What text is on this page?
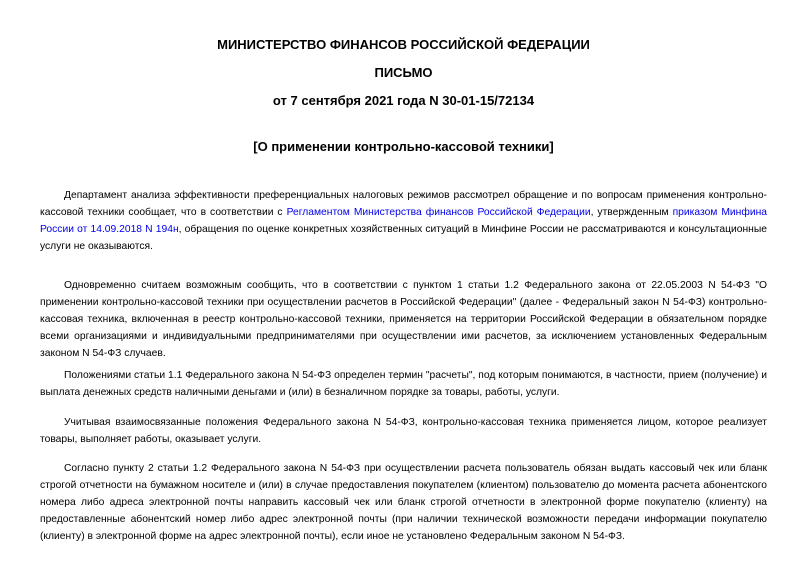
МИНИСТЕРСТВО ФИНАНСОВ РОССИЙСКОЙ ФЕДЕРАЦИИ

ПИСЬМО

от 7 сентября 2021 года N 30-01-15/72134

[О применении контрольно-кассовой техники]

Департамент анализа эффективности преференциальных налоговых режимов рассмотрел обращение и по вопросам применения контрольно-кассовой техники сообщает, что в соответствии с Регламентом Министерства финансов Российской Федерации, утвержденным приказом Минфина России от 14.09.2018 N 194н, обращения по оценке конкретных хозяйственных ситуаций в Минфине России не рассматриваются и консультационные услуги не оказываются.

Одновременно считаем возможным сообщить, что в соответствии с пунктом 1 статьи 1.2 Федерального закона от 22.05.2003 N 54-ФЗ "О применении контрольно-кассовой техники при осуществлении расчетов в Российской Федерации" (далее - Федеральный закон N 54-ФЗ) контрольно-кассовая техника, включенная в реестр контрольно-кассовой техники, применяется на территории Российской Федерации в обязательном порядке всеми организациями и индивидуальными предпринимателями при осуществлении ими расчетов, за исключением установленных Федеральным законом N 54-ФЗ случаев.

Положениями статьи 1.1 Федерального закона N 54-ФЗ определен термин "расчеты", под которым понимаются, в частности, прием (получение) и выплата денежных средств наличными деньгами и (или) в безналичном порядке за товары, работы, услуги.

Учитывая взаимосвязанные положения Федерального закона N 54-ФЗ, контрольно-кассовая техника применяется лицом, которое реализует товары, выполняет работы, оказывает услуги.

Согласно пункту 2 статьи 1.2 Федерального закона N 54-ФЗ при осуществлении расчета пользователь обязан выдать кассовый чек или бланк строгой отчетности на бумажном носителе и (или) в случае предоставления покупателем (клиентом) пользователю до момента расчета абонентского номера либо адреса электронной почты направить кассовый чек или бланк строгой отчетности в электронной форме покупателю (клиенту) на предоставленные абонентский номер либо адрес электронной почты (при наличии технической возможности передачи информации покупателю (клиенту) в электронной форме на адрес электронной почты), если иное не установлено Федеральным законом N 54-ФЗ.
